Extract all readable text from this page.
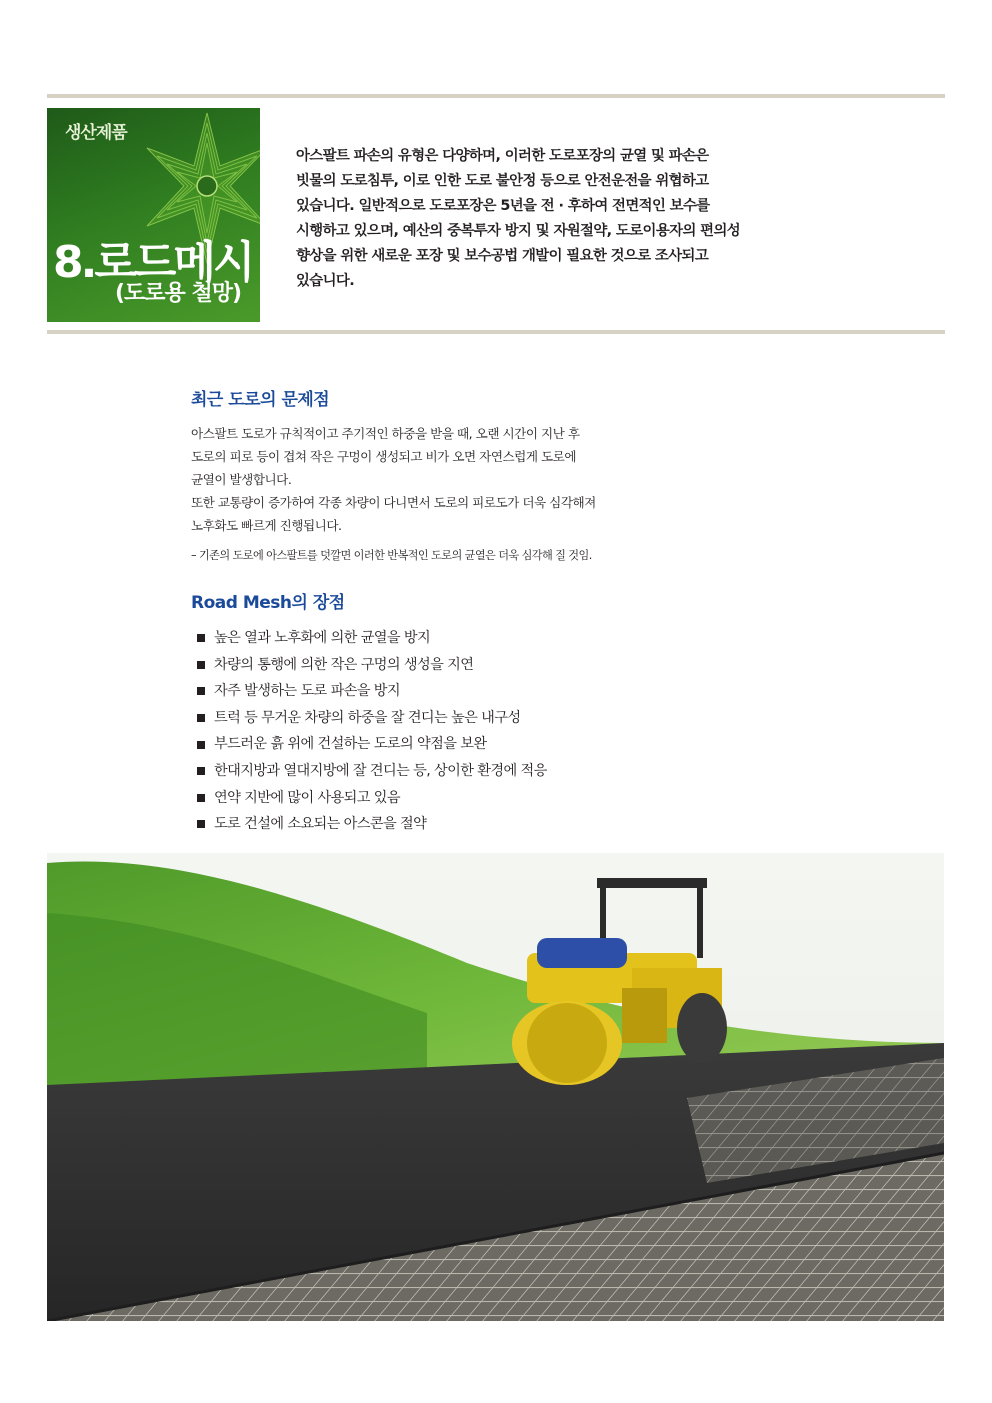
생산제품
8.로드메시
(도로용 철망)

아스팔트 파손의 유형은 다양하며, 이러한 도로포장의 균열 및 파손은

빗물의 도로침투, 이로 인한 도로 불안정 등으로 안전운전을 위협하고

있습니다. 일반적으로 도로포장은 5년을 전 · 후하여 전면적인 보수를

시행하고 있으며, 예산의 중복투자 방지 및 자원절약, 도로이용자의 편의성

향상을 위한 새로운 포장 및 보수공법 개발이 필요한 것으로 조사되고

있습니다.

최근 도로의 문제점

아스팔트 도로가 규칙적이고 주기적인 하중을 받을 때, 오랜 시간이 지난 후

도로의 피로 등이 겹쳐 작은 구멍이 생성되고 비가 오면 자연스럽게 도로에

균열이 발생합니다.

또한 교통량이 증가하여 각종 차량이 다니면서 도로의 피로도가 더욱 심각해져

노후화도 빠르게 진행됩니다.

– 기존의 도로에 아스팔트를 덧깔면 이러한 반복적인 도로의 균열은 더욱 심각해 질 것임.
Road Mesh의 장점
높은 열과 노후화에 의한 균열을 방지
차량의 통행에 의한 작은 구멍의 생성을 지연
자주 발생하는 도로 파손을 방지
트럭 등 무거운 차량의 하중을 잘 견디는 높은 내구성
부드러운 흙 위에 건설하는 도로의 약점을 보완
한대지방과 열대지방에 잘 견디는 등, 상이한 환경에 적응
연약 지반에 많이 사용되고 있음
도로 건설에 소요되는 아스콘을 절약
